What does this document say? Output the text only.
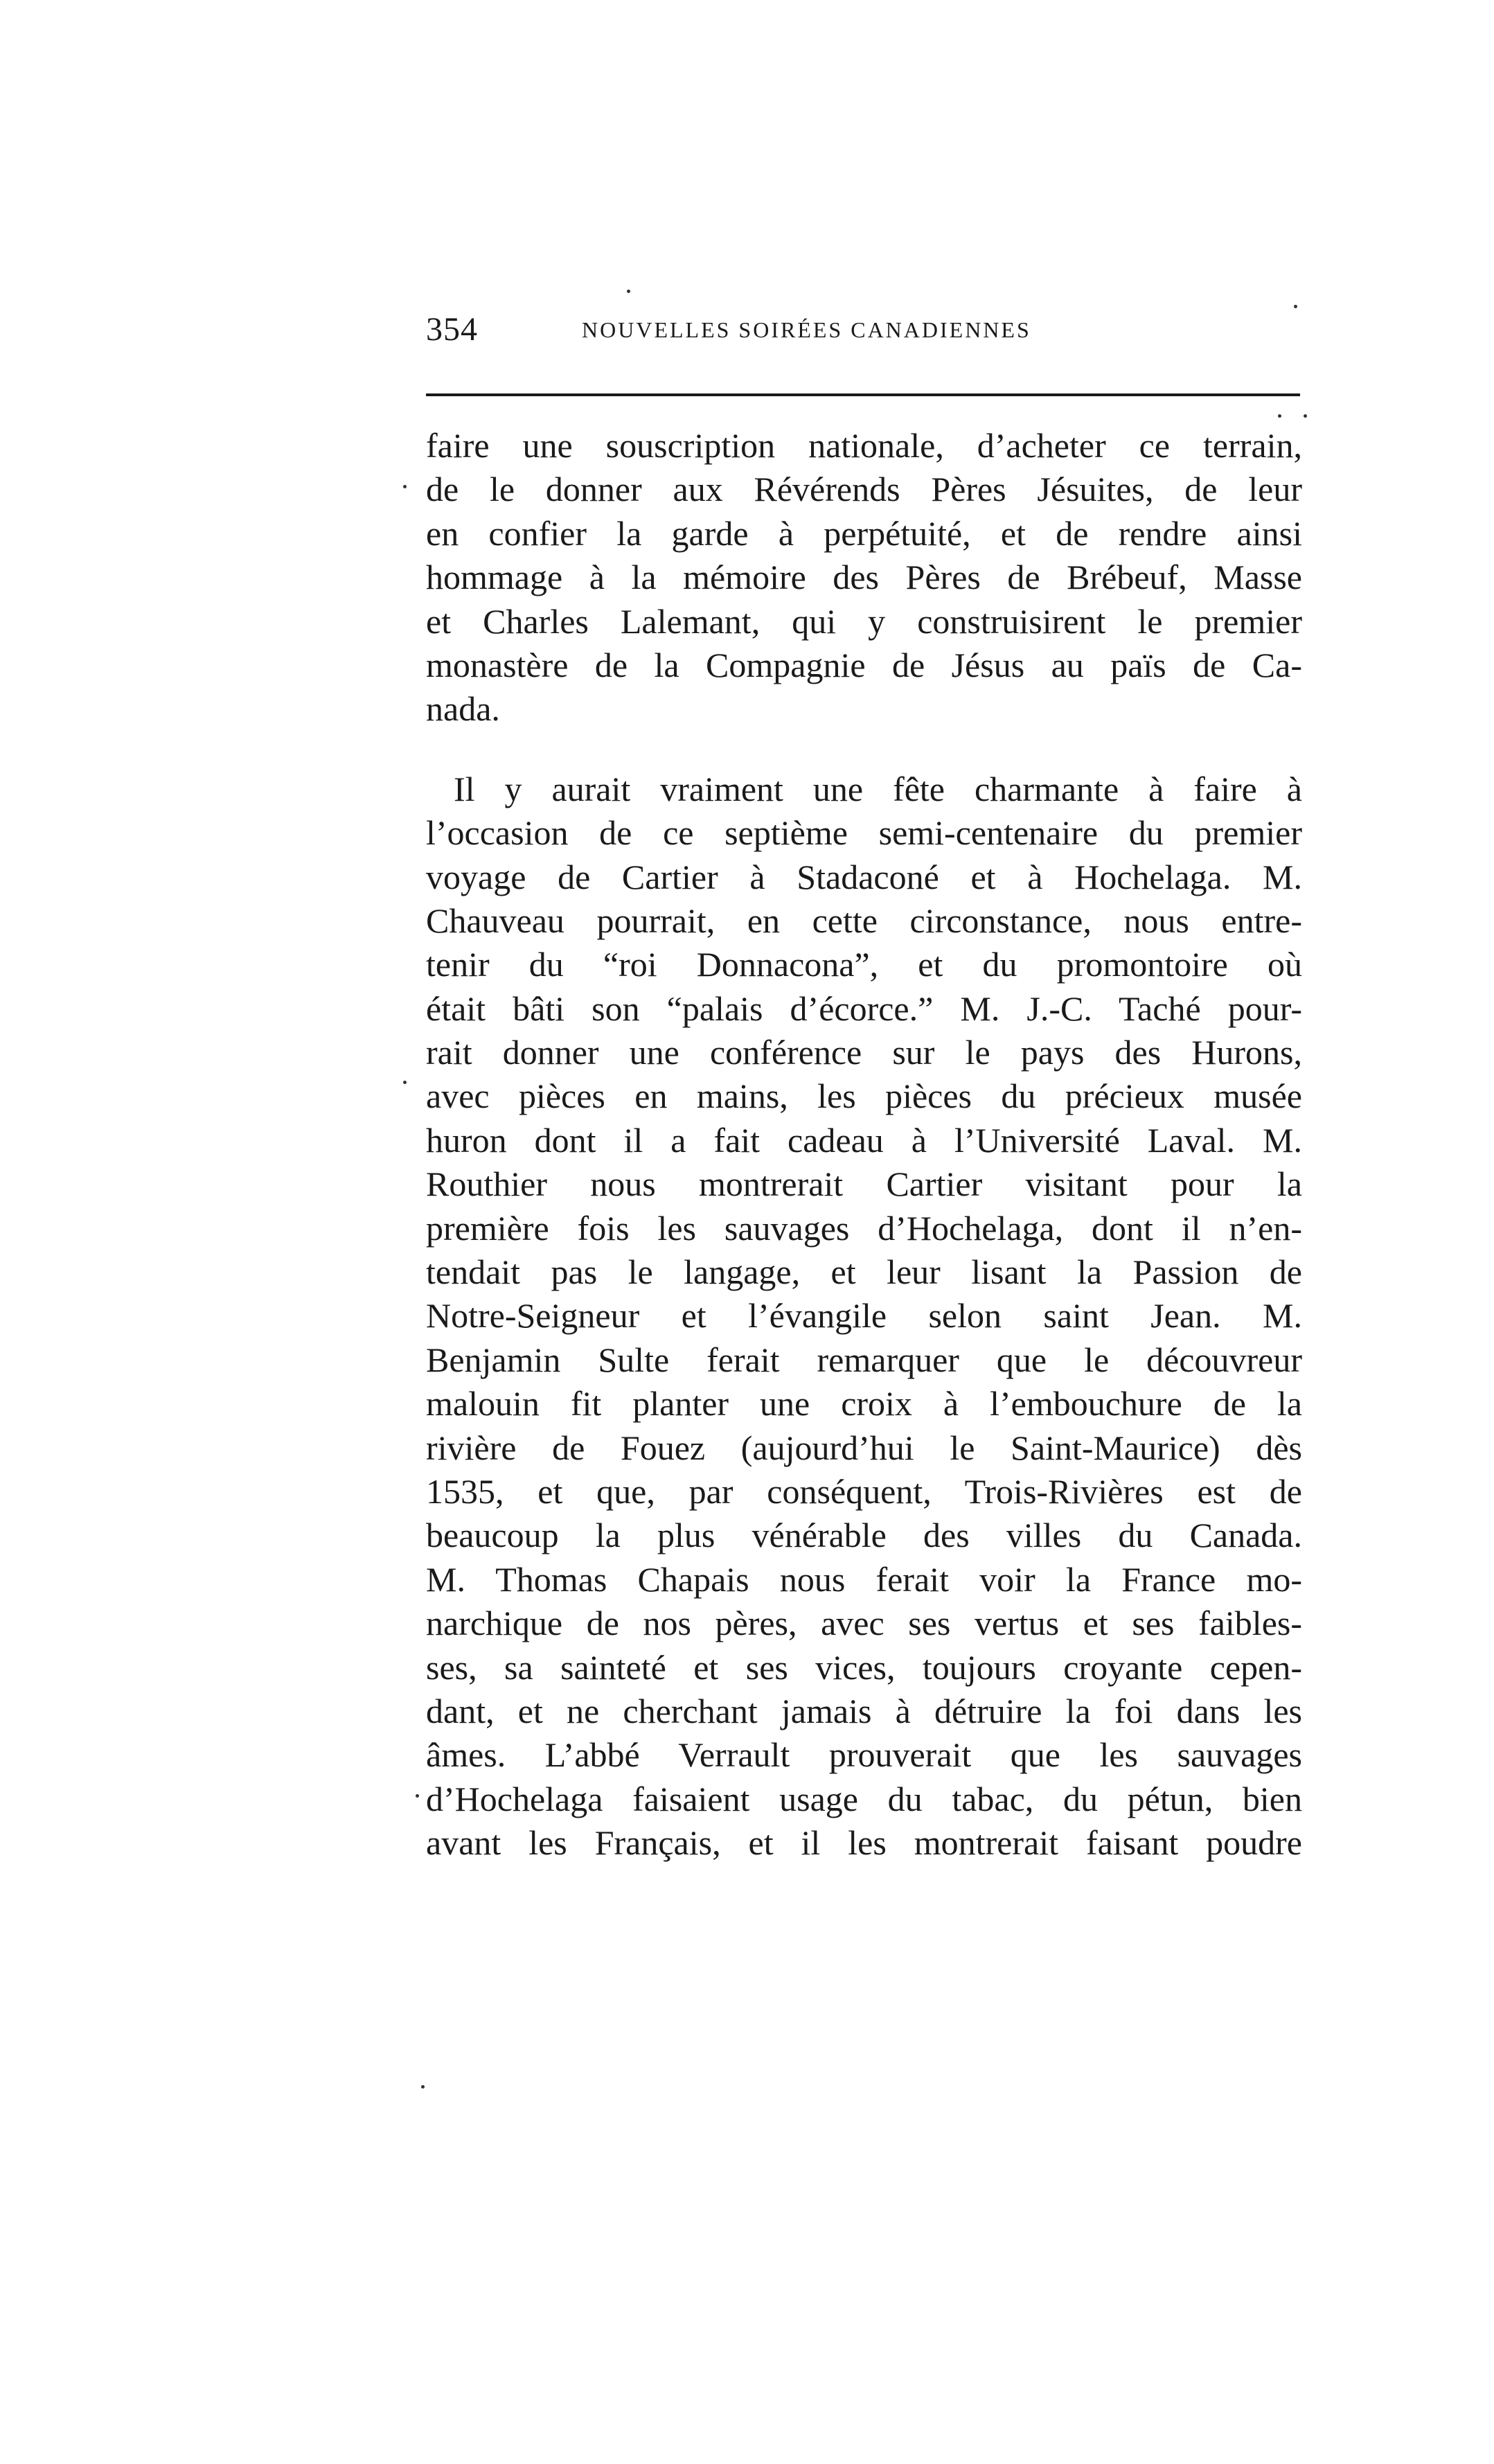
354	NOUVELLES SOIRÉES CANADIENNES
faire une souscription nationale, d’acheter ce terrain,
de le donner aux Révérends Pères Jésuites, de leur
en confier la garde à perpétuité, et de rendre ainsi
hommage à la mémoire des Pères de Brébeuf, Masse
et Charles Lalemant, qui y construisirent le premier
monastère de la Compagnie de Jésus au païs de Ca-
nada.
Il y aurait vraiment une fête charmante à faire à
l’occasion de ce septième semi-centenaire du premier
voyage de Cartier à Stadaconé et à Hochelaga. M.
Chauveau pourrait, en cette circonstance, nous entre-
tenir du “roi Donnacona”, et du promontoire où
était bâti son “palais d’écorce.” M. J.-C. Taché pour-
rait donner une conférence sur le pays des Hurons,
avec pièces en mains, les pièces du précieux musée
huron dont il a fait cadeau à l’Université Laval. M.
Routhier nous montrerait Cartier visitant pour la
première fois les sauvages d’Hochelaga, dont il n’en-
tendait pas le langage, et leur lisant la Passion de
Notre-Seigneur et l’évangile selon saint Jean. M.
Benjamin Sulte ferait remarquer que le découvreur
malouin fit planter une croix à l’embouchure de la
rivière de Fouez (aujourd’hui le Saint-Maurice) dès
1535, et que, par conséquent, Trois-Rivières est de
beaucoup la plus vénérable des villes du Canada.
M. Thomas Chapais nous ferait voir la France mo-
narchique de nos pères, avec ses vertus et ses faibles-
ses, sa sainteté et ses vices, toujours croyante cepen-
dant, et ne cherchant jamais à détruire la foi dans les
âmes. L’abbé Verrault prouverait que les sauvages
d’Hochelaga faisaient usage du tabac, du pétun, bien
avant les Français, et il les montrerait faisant poudre
